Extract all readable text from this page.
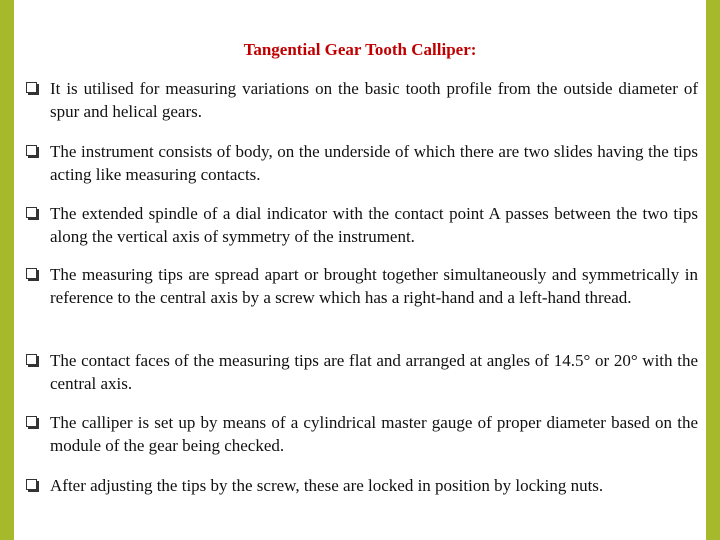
Tangential Gear Tooth Calliper:
It is utilised for measuring variations on the basic tooth profile from the outside diameter of spur and helical gears.
The instrument consists of body, on the underside of which there are two slides having the tips acting like measuring contacts.
The extended spindle of a dial indicator with the contact point A passes between the two tips along the vertical axis of symmetry of the instrument.
The measuring tips are spread apart or brought together simultaneously and symmetrically in reference to the central axis by a screw which has a right-hand and a left-hand thread.
The contact faces of the measuring tips are flat and arranged at angles of 14.5° or 20° with the central axis.
The calliper is set up by means of a cylindrical master gauge of proper diameter based on the module of the gear being checked.
After adjusting the tips by the screw, these are locked in position by locking nuts.
